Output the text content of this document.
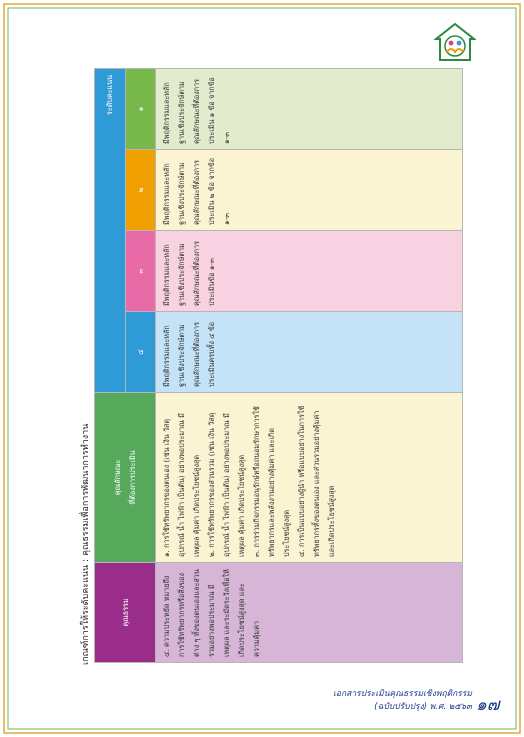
เกณฑ์การให้ระดับคะแนน : คุณธรรมเพื่อการพัฒนาการทำงาน	คุณธรรม	คุณลักษณะ
ที่ต้องการประเมิน	ระดับคะแนน			
		๔	๓	๒	๑
๔. ความประหยัด หมายถึง การใช้ทรัพยากรหรือสิ่งของต่าง ๆ ทั้งของตนเองและส่วนรวมอย่างพอประมาณ มีเหตุผล และระมัดระวังเพื่อให้เกิดประโยชน์สูงสุด และความคุ้มค่า	๑. การใช้ทรัพยากรของตนเอง (เช่น เงิน วัสดุอุปกรณ์ น้ำ ไฟฟ้า เป็นต้น) อย่างพอประมาณ มีเหตุผล คุ้มค่า เกิดประโยชน์สูงสุด
๒. การใช้ทรัพยากรของส่วนรวม (เช่น เงิน วัสดุอุปกรณ์ น้ำ ไฟฟ้า เป็นต้น) อย่างพอประมาณ มีเหตุผล คุ้มค่า เกิดประโยชน์สูงสุด
๓. การร่วมกิจกรรมอนุรักษ์หรือถนอมรักษาการใช้ทรัพยากรและพลังงานอย่างคุ้มค่า และเกิดประโยชน์สูงสุด
๔. การเป็นแบบอย่างผู้นำ หรือแบบอย่างในการใช้ทรัพยากรทั้งของตนเอง และส่วนรวมอย่างคุ้มค่า และเกิดประโยชน์สูงสุด	มีพฤติกรรมและหลักฐานเชิงประจักษ์ตามคุณลักษณะที่ต้องการประเมินครบทั้ง ๔ ข้อ	มีพฤติกรรมและหลักฐานเชิงประจักษ์ตามคุณลักษณะที่ต้องการประเมินข้อ ๑-๓	มีพฤติกรรมและหลักฐานเชิงประจักษ์ตามคุณลักษณะที่ต้องการประเมิน ๒ ข้อ จากข้อ ๑-๓	มีพฤติกรรมและหลักฐานเชิงประจักษ์ตามคุณลักษณะที่ต้องการประเมิน ๑ ข้อ จากข้อ ๑-๓
เอกสารประเมินคุณธรรมเชิงพฤติกรรม
(ฉบับปรับปรุง) พ.ศ. ๒๕๖๓ ๑๗
